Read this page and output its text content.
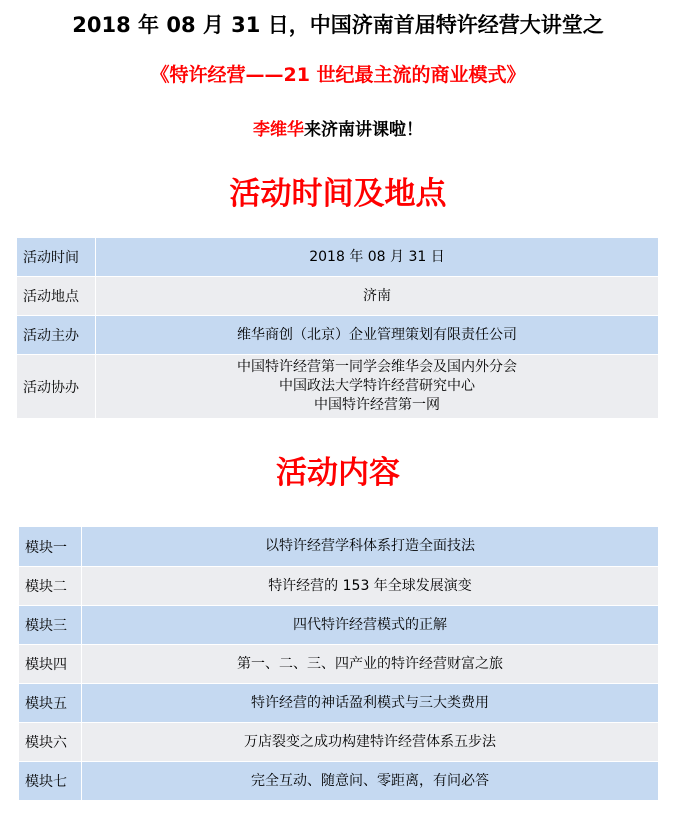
2018 年 08 月 31 日，中国济南首届特许经营大讲堂之
《特许经营——21 世纪最主流的商业模式》
李维华来济南讲课啦！
活动时间及地点
活动时间	2018 年 08 月 31 日

活动地点	济南

活动主办	维华商创（北京）企业管理策划有限责任公司

活动协办	中国特许经营第一同学会维华会及国内外分会
中国政法大学特许经营研究中心
中国特许经营第一网
活动内容
模块一	以特许经营学科体系打造全面技法
模块二	特许经营的 153 年全球发展演变
模块三	四代特许经营模式的正解
模块四	第一、二、三、四产业的特许经营财富之旅
模块五	特许经营的神话盈利模式与三大类费用
模块六	万店裂变之成功构建特许经营体系五步法
模块七	完全互动、随意问、零距离，有问必答
